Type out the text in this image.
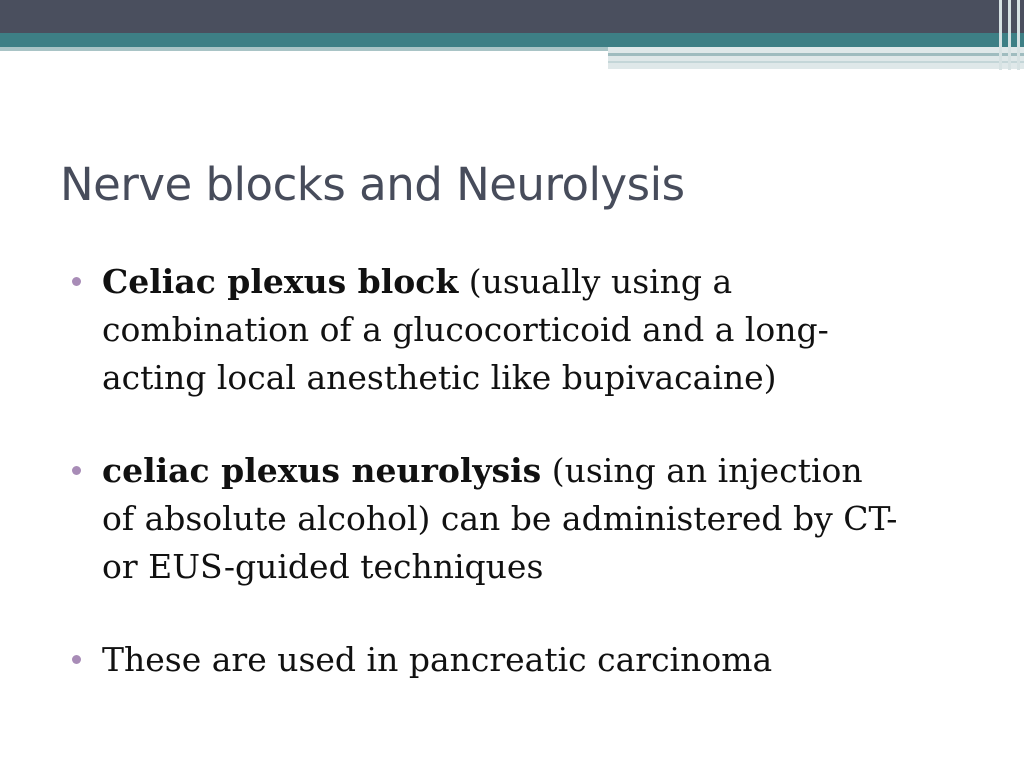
Nerve blocks and Neurolysis
Celiac plexus block (usually using a
combination of a glucocorticoid and a long-
acting local anesthetic like bupivacaine)
celiac plexus neurolysis (using an injection
of absolute alcohol) can be administered by CT-
or EUS-guided techniques
These are used in pancreatic carcinoma
